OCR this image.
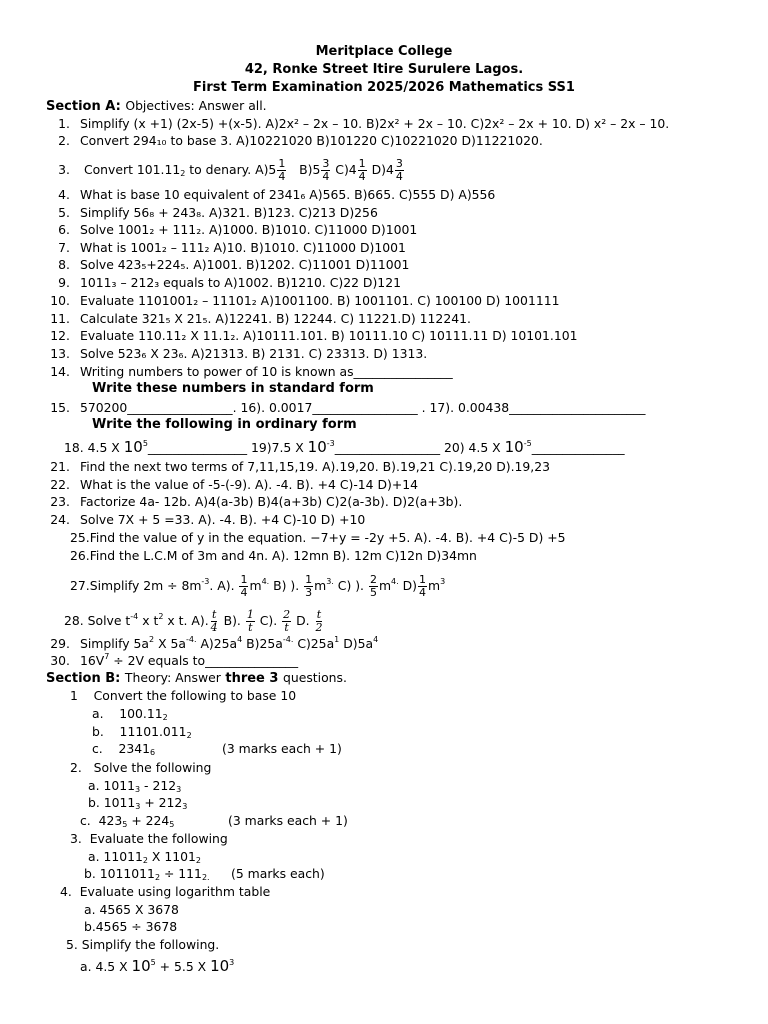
Meritplace College
42, Ronke Street Itire Surulere Lagos.
First Term Examination 2025/2026 Mathematics SS1
Section A: Objectives: Answer all.
1. Simplify (x +1) (2x-5) +(x-5). A)2x² – 2x – 10. B)2x² + 2x – 10. C)2x² – 2x + 10. D) x² – 2x – 10.
2. Convert 294₁₀ to base 3. A)10221020 B)101220 C)10221020 D)11221020.
3. Convert $101.11_2$ to denary. $A)5 \frac{1}{4} B)5 \frac{3}{4} C)4 \frac{1}{4} D)4 \frac{3}{4}$
4. What is base 10 equivalent of 2341₆ A)565. B)665. C)555 D) A)556
5. Simplify 56₈ + 243₈. A)321. B)123. C)213 D)256
6. Solve 1001₂ + 111₂. A)1000. B)1010. C)11000 D)1001
7. What is 1001₂ – 111₂ A)10. B)1010. C)11000 D)1001
8. Solve 423₅+224₅. A)1001. B)1202. C)11001 D)11001
9. 1011₃ – 212₃ equals to A)1002. B)1210. C)22 D)121
10. Evaluate 1101001₂ – 11101₂ A)1001100. B) 1001101. C) 100100 D) 1001111
11. Calculate 321₅ X 21₅. A)12241. B) 12244. C) 11221.D) 112241.
12. Evaluate 110.11₂ X 11.1₂. A)10111.101. B) 10111.10 C) 10111.11 D) 10101.101
13. Solve 523₆ X 23₆. A)21313. B) 2131. C) 23313. D) 1313.
14. Writing numbers to power of 10 is known as________________
Write these numbers in standard form
15. 570200_________________. 16). 0.0017_________________ . 17). 0.00438______________________
Write the following in ordinary form
18. 4.5 X $10^5\_\_\_\_\_\_\_\_\_\_\_\_\_\_\_\_$ 19)7.5 X $10^{-3}\_\_\_\_\_\_\_\_\_\_\_\_\_\_\_\_\_$ 20) 4.5 X $10^{-5}\_\_\_\_\_\_\_\_\_\_\_\_\_\_\_$
21. Find the next two terms of 7,11,15,19. A).19,20. B).19,21 C).19,20 D).19,23
22. What is the value of -5-(-9). A). -4. B). +4 C)-14 D)+14
23. Factorize 4a- 12b. A)4(a-3b) B)4(a+3b) C)2(a-3b). D)2(a+3b).
24. Solve 7X + 5 =33. A). -4. B). +4 C)-10 D) +10
25.Find the value of y in the equation. −7+y = -2y +5. A). -4. B). +4 C)-5 D) +5
26.Find the L.C.M of 3m and 4n. A). 12mn B). 12m C)12n D)34mn
27.Simplify $2m \div 8m^{-3}$. A). $\frac{1}{4} m^{4.}$ B) ). $\frac{1}{3} m^{3.}$ C) ). $\frac{2}{5} m^{4.}$ $D) \frac{1}{4} m^3$
28. Solve $t^{-4}$ x $t^2$ x t. A). $\frac{t}{4} B$). $\frac{1}{t} C$). $\frac{2}{t} D$. $\frac{t}{2}$
29. Simplify $5a^2$ X $5a^{-4.}$ $A)25a^4$ $B)25a^{-4.}$ $C)25a^1$ $D)5a^4$
30. $16V^7 \div 2V$ equals to_______________
Section B: Theory: Answer three 3 questions.
1    Convert the following to base 10
a.    $100.11_2$
b.    $11101.011_2$
c.    $2341_6$	(3 marks each + 1)
2.   Solve the following
a. $1011_3 - 212_3$
b. $1011_3 + 212_3$
c.  $423_5 + 224_5$	(3 marks each + 1)
3.  Evaluate the following
a. $11011_2$ X $1101_2$
b. $1011011_2 \div 111_{2.}$ (5 marks each)
4.  Evaluate using logarithm table
a. 4565 X 3678
b.4565 ÷ 3678
5. Simplify the following.
a. 4.5 X $10^5 + 5.5$ X $10^3$
